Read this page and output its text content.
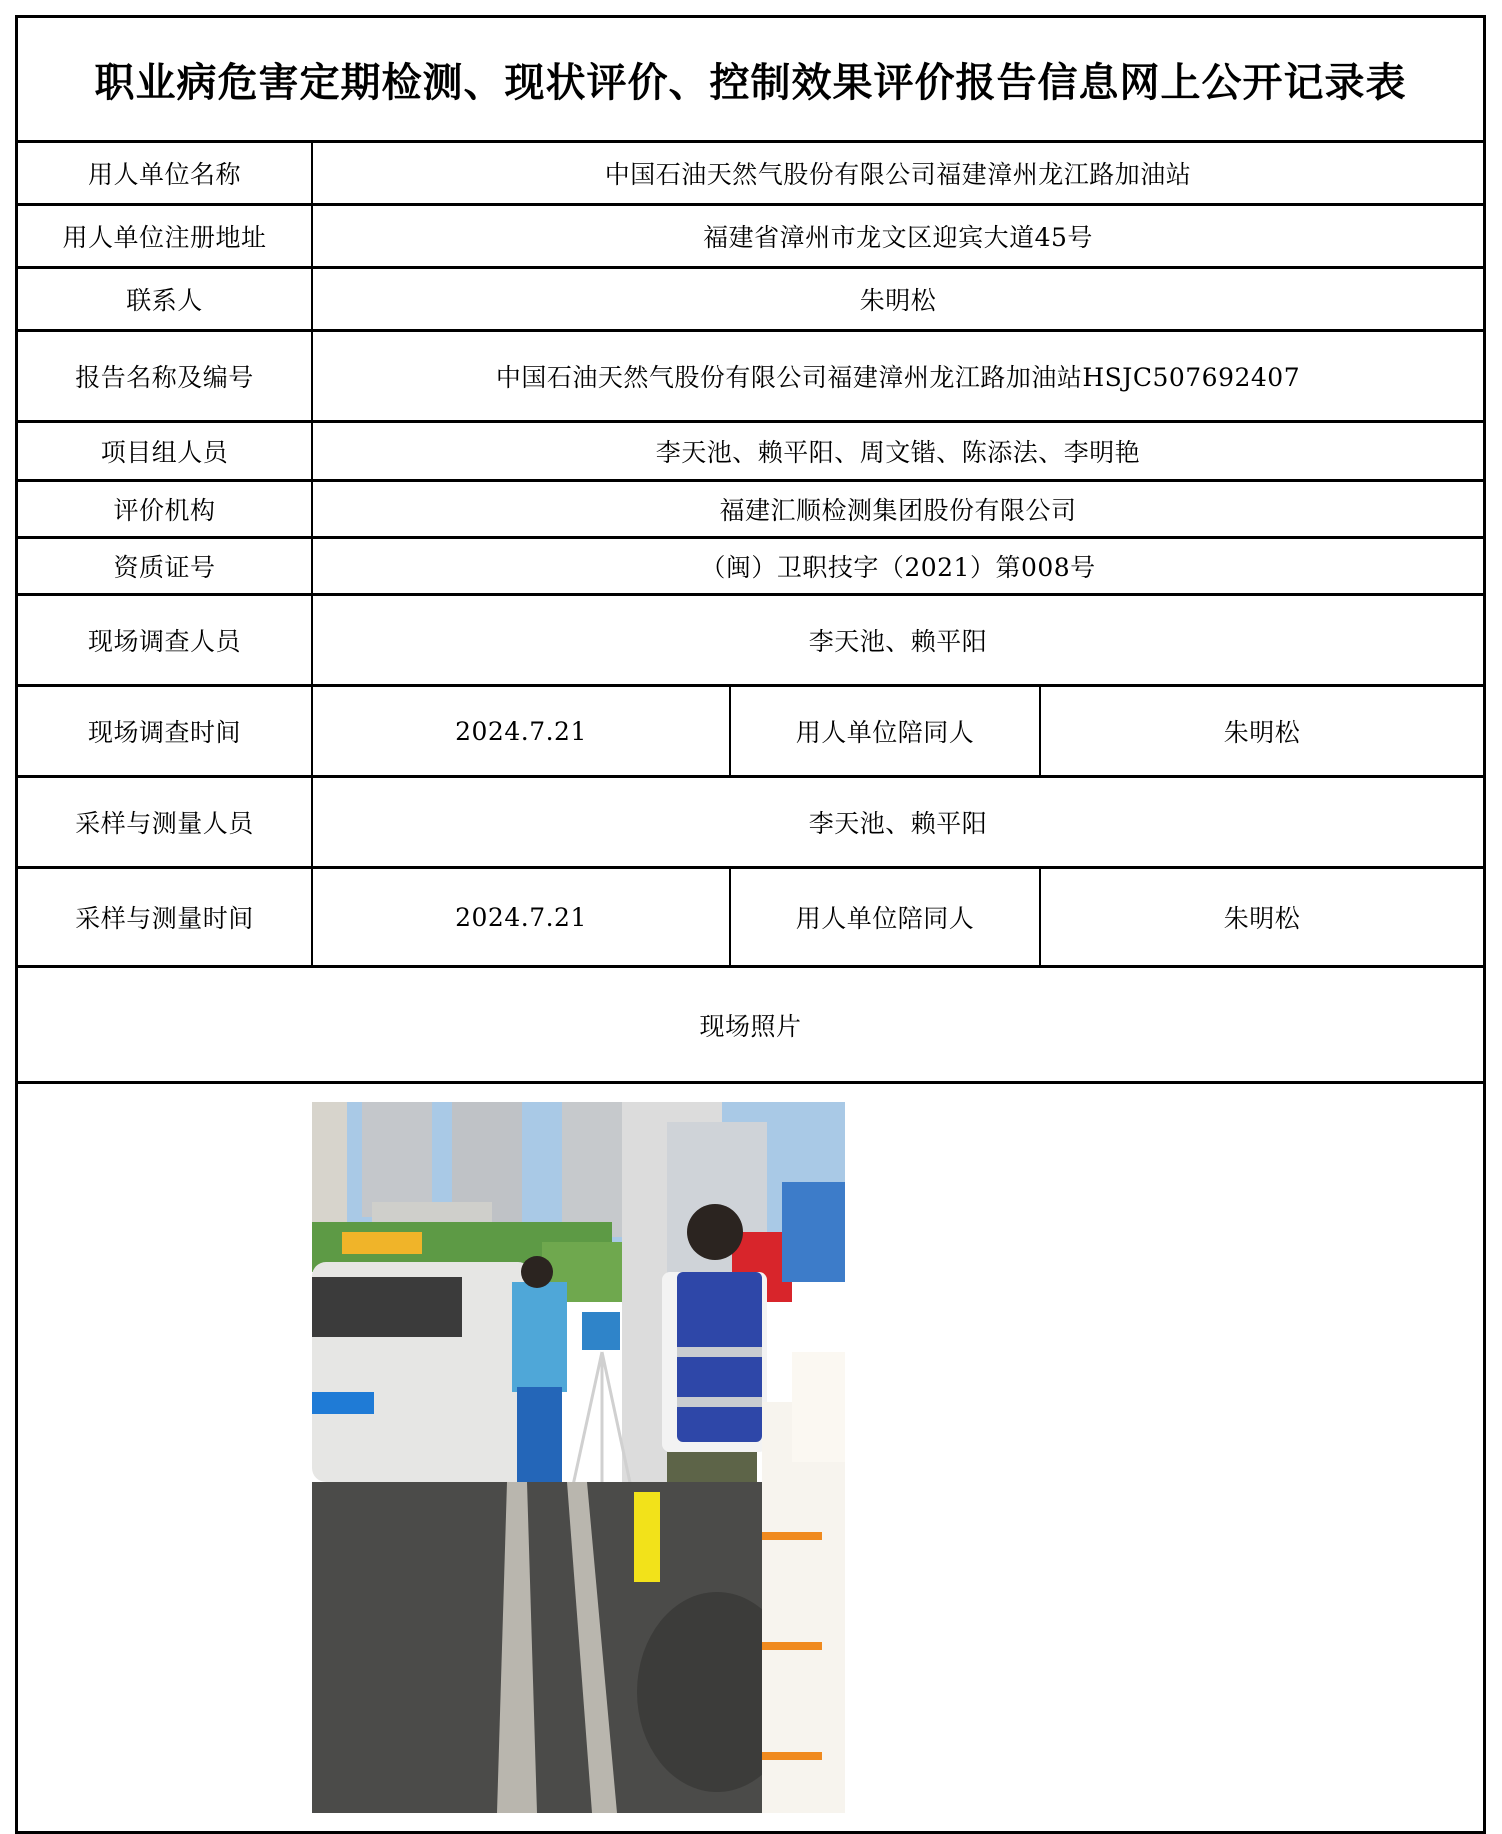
职业病危害定期检测、现状评价、控制效果评价报告信息网上公开记录表
用人单位名称	中国石油天然气股份有限公司福建漳州龙江路加油站
用人单位注册地址	福建省漳州市龙文区迎宾大道45号
联系人	朱明松
报告名称及编号	中国石油天然气股份有限公司福建漳州龙江路加油站HSJC507692407
项目组人员	李天池、赖平阳、周文锴、陈添法、李明艳
评价机构	福建汇顺检测集团股份有限公司
资质证号	（闽）卫职技字（2021）第008号
现场调查人员	李天池、赖平阳
现场调查时间	2024.7.21	用人单位陪同人	朱明松
采样与测量人员	李天池、赖平阳
采样与测量时间	2024.7.21	用人单位陪同人	朱明松
现场照片
